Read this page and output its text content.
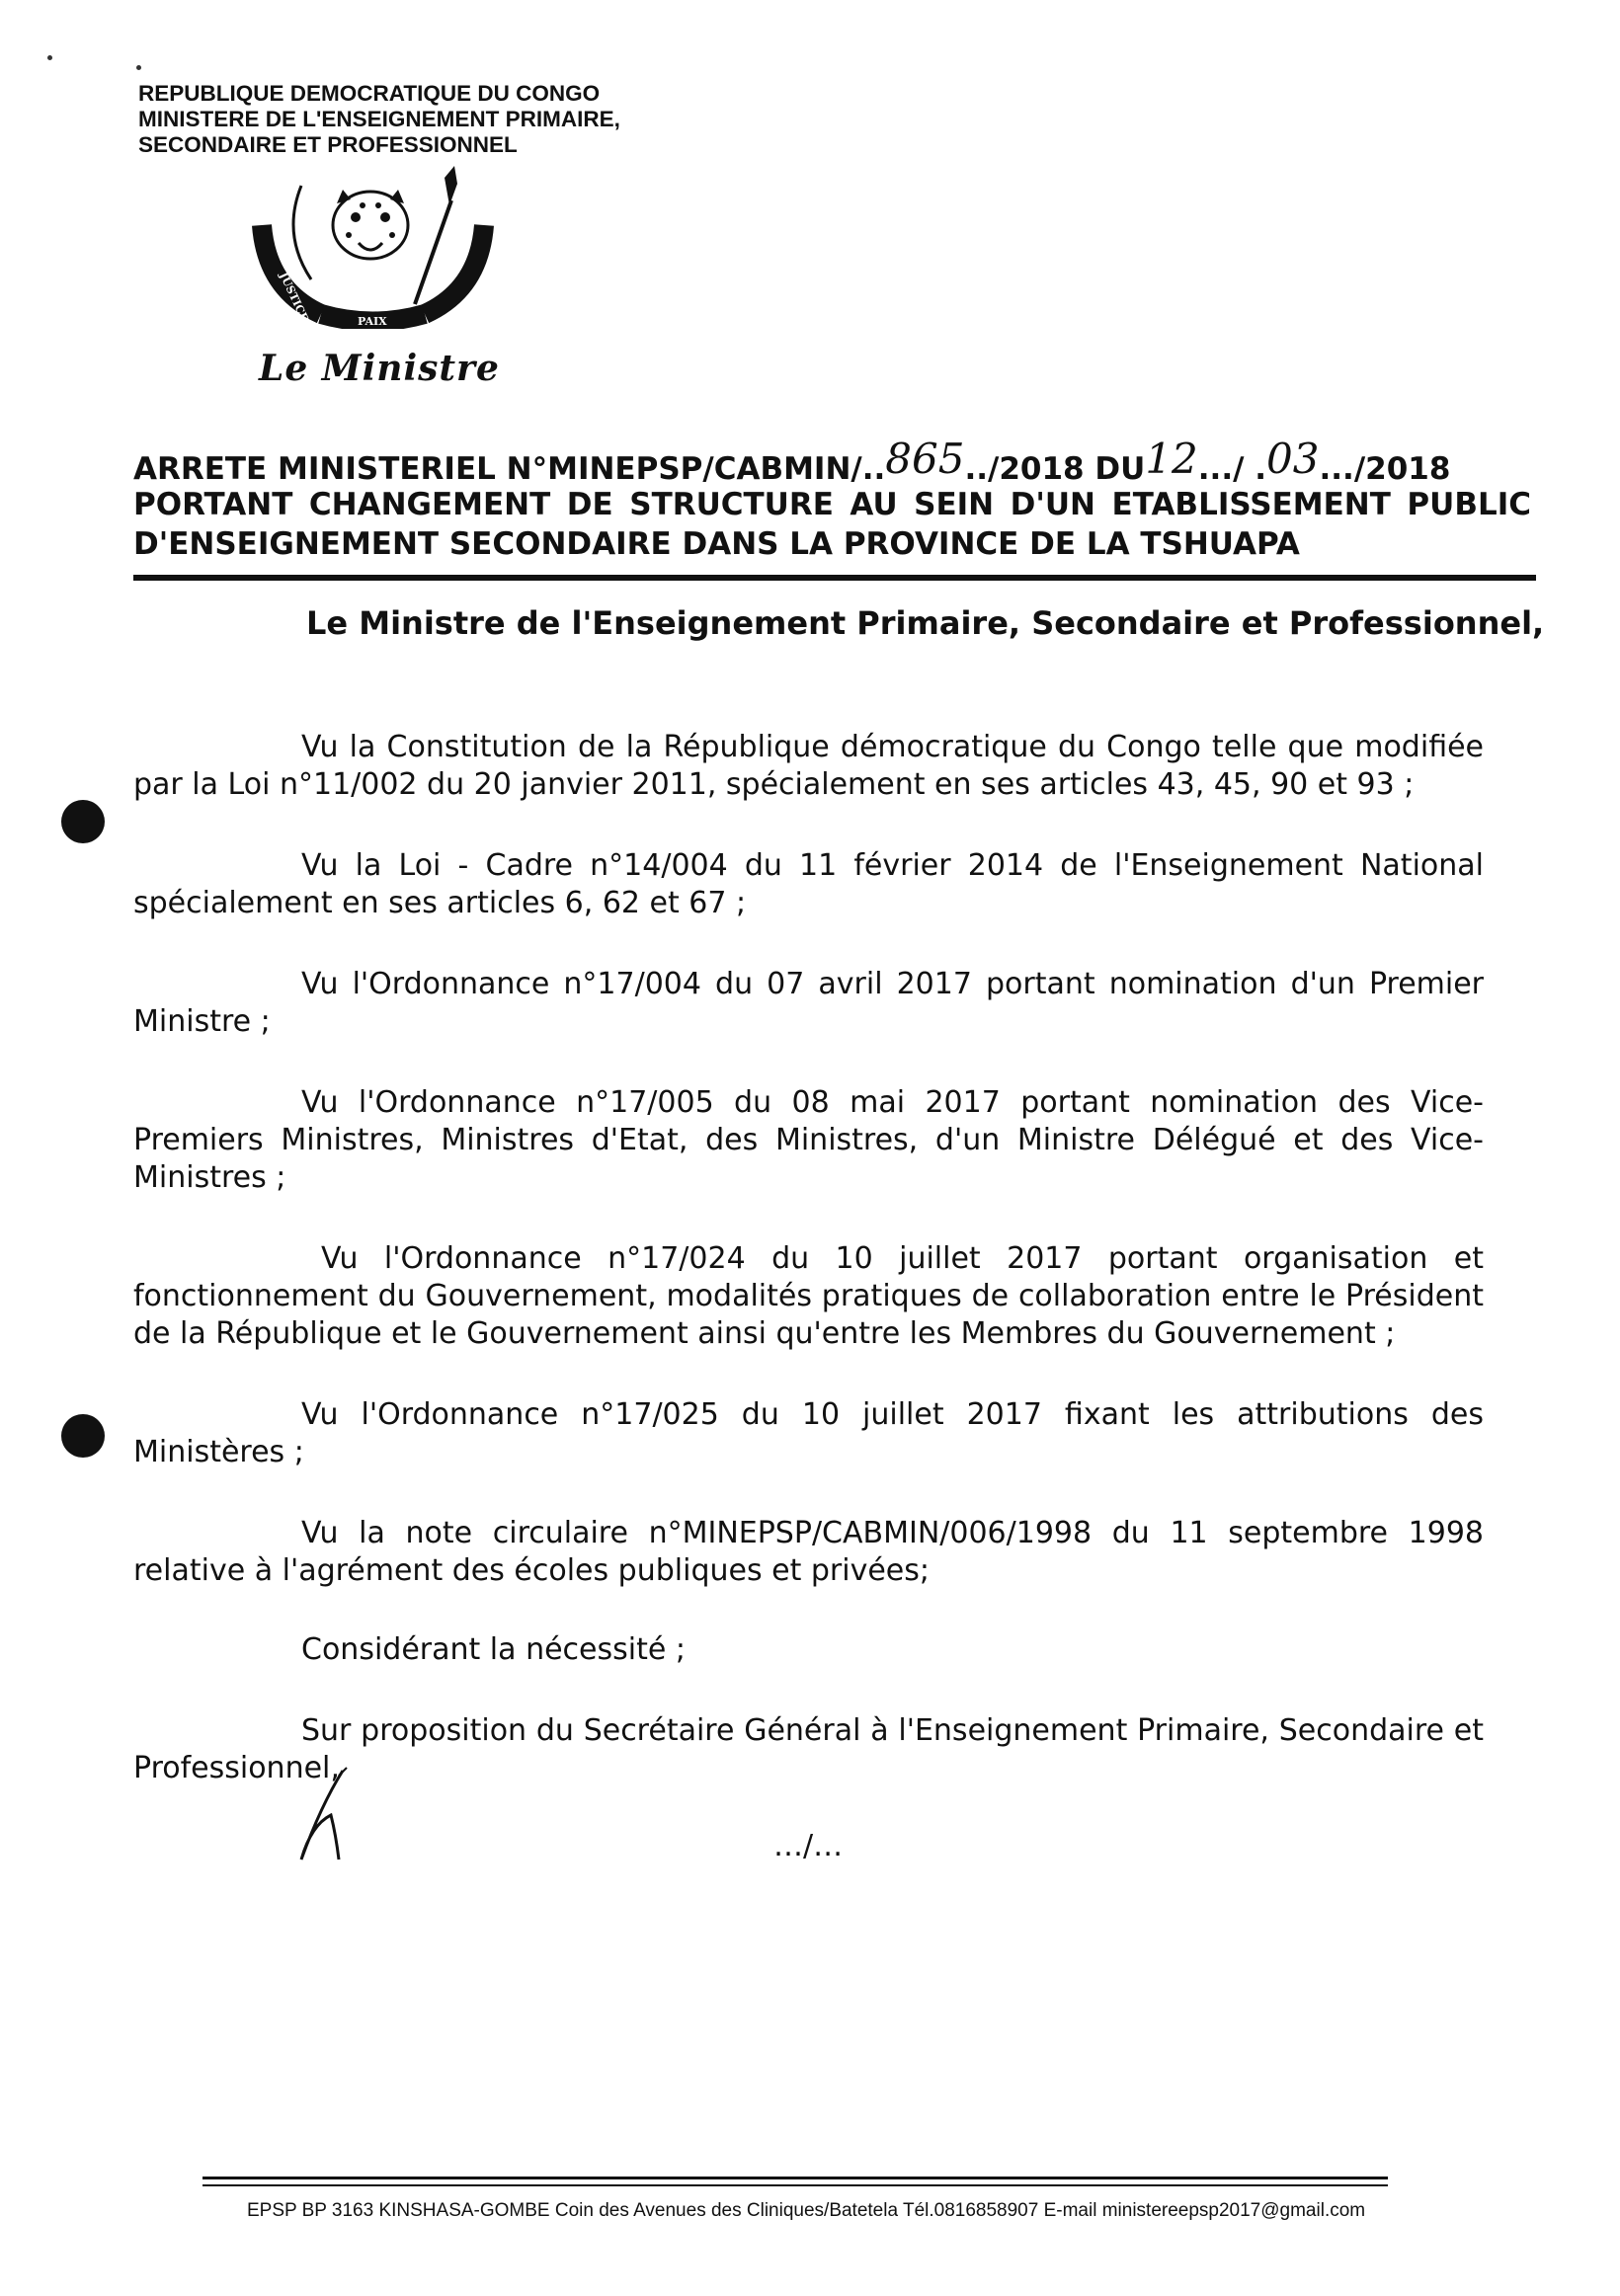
REPUBLIQUE DEMOCRATIQUE DU CONGO
MINISTERE DE L'ENSEIGNEMENT PRIMAIRE,
SECONDAIRE ET PROFESSIONNEL
JUSTICE	PAIX
TRAVAIL
Le Ministre
ARRETE MINISTERIEL N°MINEPSP/CABMIN/..865../2018 DU12.../ .03.../2018
PORTANT CHANGEMENT DE STRUCTURE AU SEIN D'UN ETABLISSEMENT PUBLIC
D'ENSEIGNEMENT SECONDAIRE DANS LA PROVINCE DE LA TSHUAPA
Le Ministre de l'Enseignement Primaire, Secondaire et Professionnel,
Vu la Constitution de la République démocratique du Congo telle que modifiée par la Loi n°11/002 du 20 janvier 2011, spécialement en ses articles 43, 45, 90 et 93 ;
Vu la Loi - Cadre n°14/004 du 11 février 2014 de l'Enseignement National spécialement en ses articles 6, 62 et 67 ;
Vu l'Ordonnance n°17/004 du 07 avril 2017 portant nomination d'un Premier Ministre ;
Vu l'Ordonnance n°17/005 du 08 mai 2017 portant nomination des Vice- Premiers Ministres, Ministres d'Etat, des Ministres, d'un Ministre Délégué et des Vice-Ministres ;
Vu l'Ordonnance n°17/024 du 10 juillet 2017 portant organisation et fonctionnement du Gouvernement, modalités pratiques de collaboration entre le Président de la République et le Gouvernement ainsi qu'entre les Membres du Gouvernement ;
Vu l'Ordonnance n°17/025 du 10 juillet 2017 fixant les attributions des Ministères ;
Vu la note circulaire n°MINEPSP/CABMIN/006/1998 du 11 septembre 1998 relative à l'agrément des écoles publiques et privées;
Considérant la nécessité ;
Sur proposition du Secrétaire Général à l'Enseignement Primaire, Secondaire et Professionnel,
…/…
EPSP BP 3163 KINSHASA-GOMBE Coin des Avenues des Cliniques/Batetela Tél.0816858907 E-mail ministereepsp2017@gmail.com
